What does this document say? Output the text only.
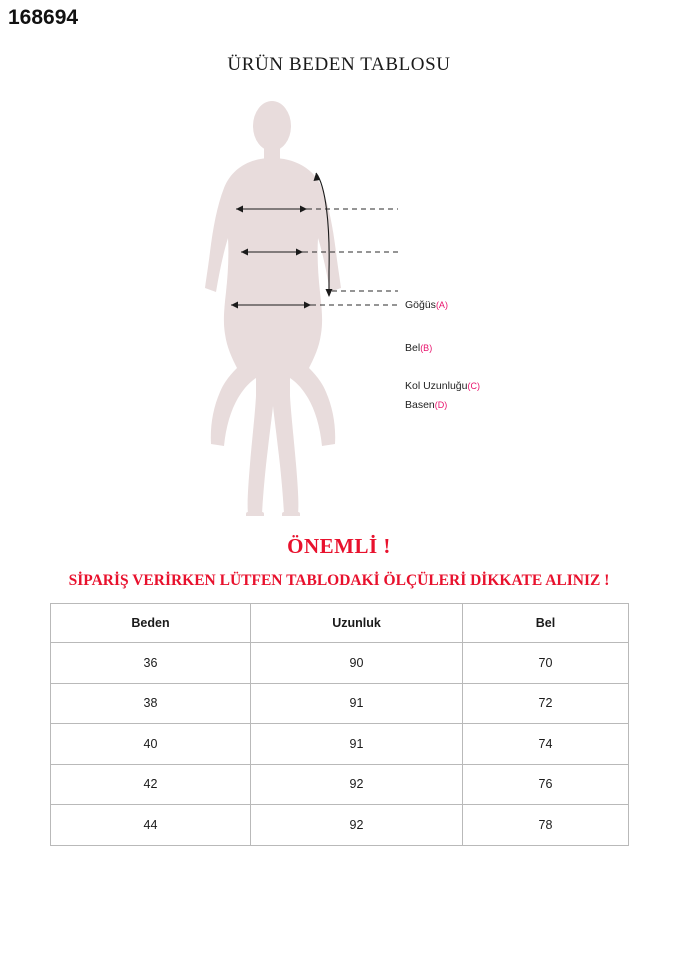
168694
ÜRÜN BEDEN TABLOSU
Göğüs(A)
Bel(B)
Kol Uzunluğu(C)
Basen(D)
ÖNEMLİ !
SİPARİŞ VERİRKEN LÜTFEN TABLODAKİ ÖLÇÜLERİ DİKKATE ALINIZ !
Beden	Uzunluk	Bel
36	90	70
38	91	72
40	91	74
42	92	76
44	92	78
